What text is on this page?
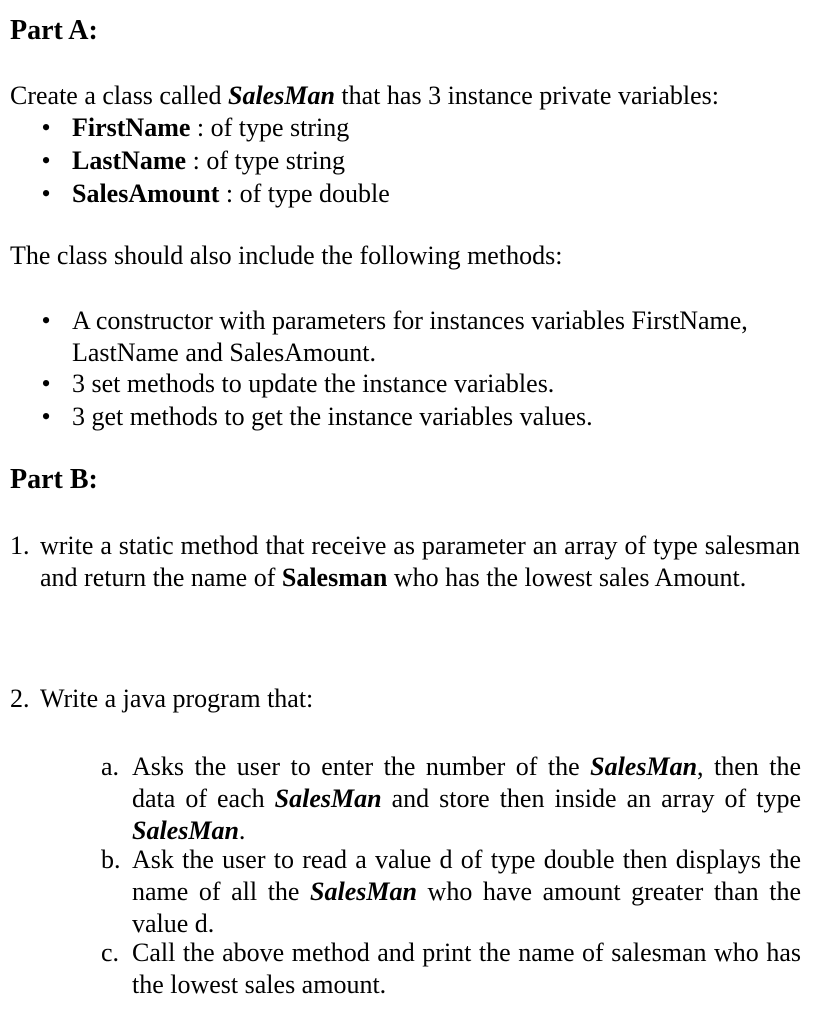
Part A:
Create a class called SalesMan that has 3 instance private variables:
• FirstName : of type string
• LastName : of type string
• SalesAmount : of type double
The class should also include the following methods:
• A constructor with parameters for instances variables FirstName,
LastName and SalesAmount.
• 3 set methods to update the instance variables.
• 3 get methods to get the instance variables values.
Part B:
1. write a static method that receive as parameter an array of type salesman and return the name of Salesman who has the lowest sales Amount.
2. Write a java program that:
a. Asks the user to enter the number of the SalesMan, then the data of each SalesMan and store then inside an array of type SalesMan.
b. Ask the user to read a value d of type double then displays the name of all the SalesMan who have amount greater than the value d.
c. Call the above method and print the name of salesman who has the lowest sales amount.
